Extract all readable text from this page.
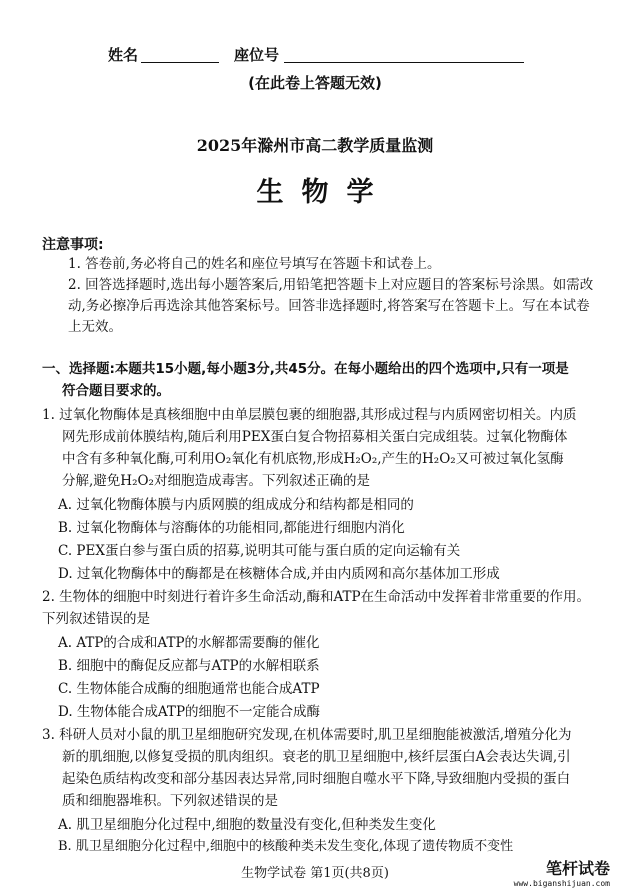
姓名	座位号
(在此卷上答题无效)
2025年滁州市高二教学质量监测
生物学
注意事项:
1. 答卷前,务必将自己的姓名和座位号填写在答题卡和试卷上。
2. 回答选择题时,选出每小题答案后,用铅笔把答题卡上对应题目的答案标号涂黑。如需改动,务必擦净后再选涂其他答案标号。回答非选择题时,将答案写在答题卡上。写在本试卷上无效。
一、选择题:本题共15小题,每小题3分,共45分。在每小题给出的四个选项中,只有一项是
符合题目要求的。
1. 过氧化物酶体是真核细胞中由单层膜包裹的细胞器,其形成过程与内质网密切相关。内质
网先形成前体膜结构,随后利用PEX蛋白复合物招募相关蛋白完成组装。过氧化物酶体
中含有多种氧化酶,可利用O₂氧化有机底物,形成H₂O₂,产生的H₂O₂又可被过氧化氢酶
分解,避免H₂O₂对细胞造成毒害。下列叙述正确的是
A. 过氧化物酶体膜与内质网膜的组成成分和结构都是相同的
B. 过氧化物酶体与溶酶体的功能相同,都能进行细胞内消化
C. PEX蛋白参与蛋白质的招募,说明其可能与蛋白质的定向运输有关
D. 过氧化物酶体中的酶都是在核糖体合成,并由内质网和高尔基体加工形成
2. 生物体的细胞中时刻进行着许多生命活动,酶和ATP在生命活动中发挥着非常重要的作用。下列叙述错误的是
A. ATP的合成和ATP的水解都需要酶的催化
B. 细胞中的酶促反应都与ATP的水解相联系
C. 生物体能合成酶的细胞通常也能合成ATP
D. 生物体能合成ATP的细胞不一定能合成酶
3. 科研人员对小鼠的肌卫星细胞研究发现,在机体需要时,肌卫星细胞能被激活,增殖分化为
新的肌细胞,以修复受损的肌肉组织。衰老的肌卫星细胞中,核纤层蛋白A会表达失调,引
起染色质结构改变和部分基因表达异常,同时细胞自噬水平下降,导致细胞内受损的蛋白
质和细胞器堆积。下列叙述错误的是
A. 肌卫星细胞分化过程中,细胞的数量没有变化,但种类发生变化
B. 肌卫星细胞分化过程中,细胞中的核酸种类未发生变化,体现了遗传物质不变性
生物学试卷 第1页(共8页)	笔杆试卷
www.biganshijuan.com
